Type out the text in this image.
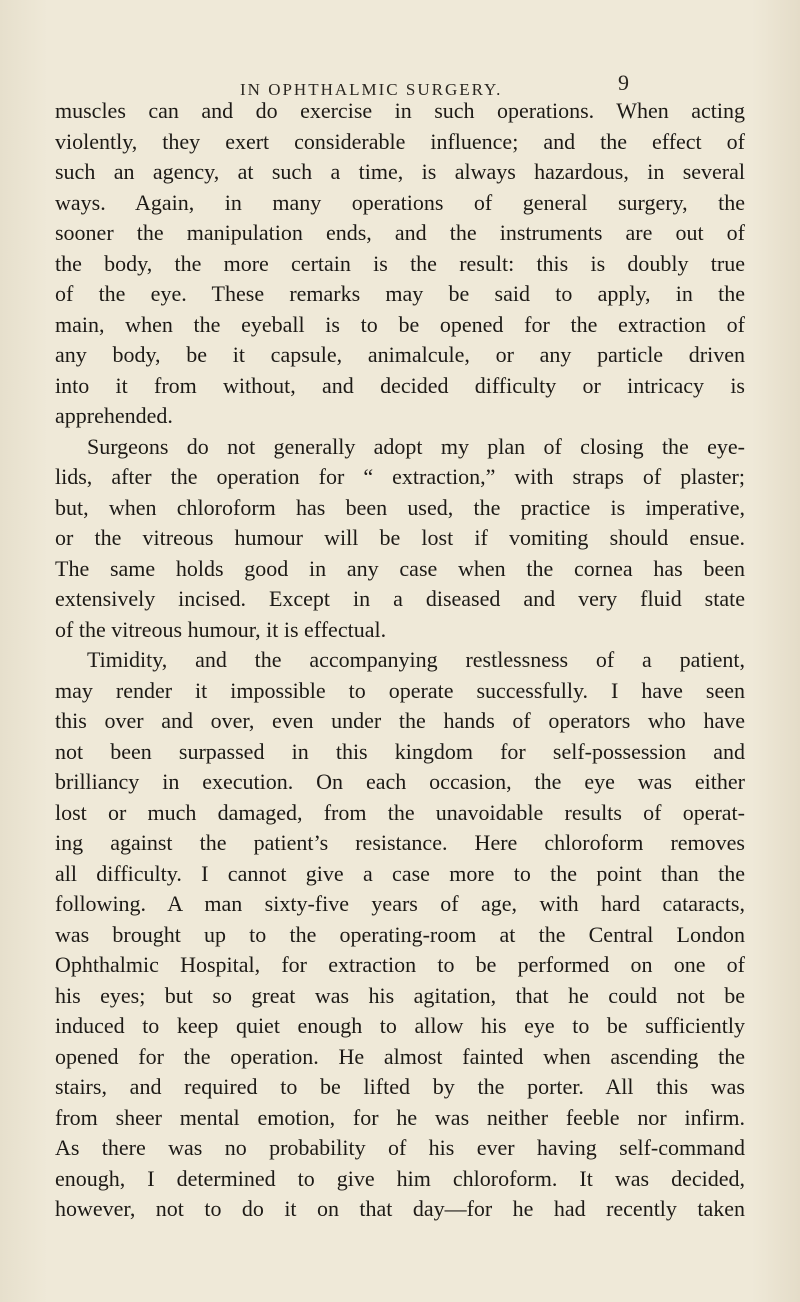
IN OPHTHALMIC SURGERY.	9
muscles can and do exercise in such operations. When acting
violently, they exert considerable influence; and the effect of
such an agency, at such a time, is always hazardous, in several
ways. Again, in many operations of general surgery, the
sooner the manipulation ends, and the instruments are out of
the body, the more certain is the result: this is doubly true
of the eye. These remarks may be said to apply, in the
main, when the eyeball is to be opened for the extraction of
any body, be it capsule, animalcule, or any particle driven
into it from without, and decided difficulty or intricacy is
apprehended.
Surgeons do not generally adopt my plan of closing the eye-
lids, after the operation for “ extraction,” with straps of plaster;
but, when chloroform has been used, the practice is imperative,
or the vitreous humour will be lost if vomiting should ensue.
The same holds good in any case when the cornea has been
extensively incised. Except in a diseased and very fluid state
of the vitreous humour, it is effectual.
Timidity, and the accompanying restlessness of a patient,
may render it impossible to operate successfully. I have seen
this over and over, even under the hands of operators who have
not been surpassed in this kingdom for self-possession and
brilliancy in execution. On each occasion, the eye was either
lost or much damaged, from the unavoidable results of operat-
ing against the patient’s resistance. Here chloroform removes
all difficulty. I cannot give a case more to the point than the
following. A man sixty-five years of age, with hard cataracts,
was brought up to the operating-room at the Central London
Ophthalmic Hospital, for extraction to be performed on one of
his eyes; but so great was his agitation, that he could not be
induced to keep quiet enough to allow his eye to be sufficiently
opened for the operation. He almost fainted when ascending the
stairs, and required to be lifted by the porter. All this was
from sheer mental emotion, for he was neither feeble nor infirm.
As there was no probability of his ever having self-command
enough, I determined to give him chloroform. It was decided,
however, not to do it on that day—for he had recently taken
